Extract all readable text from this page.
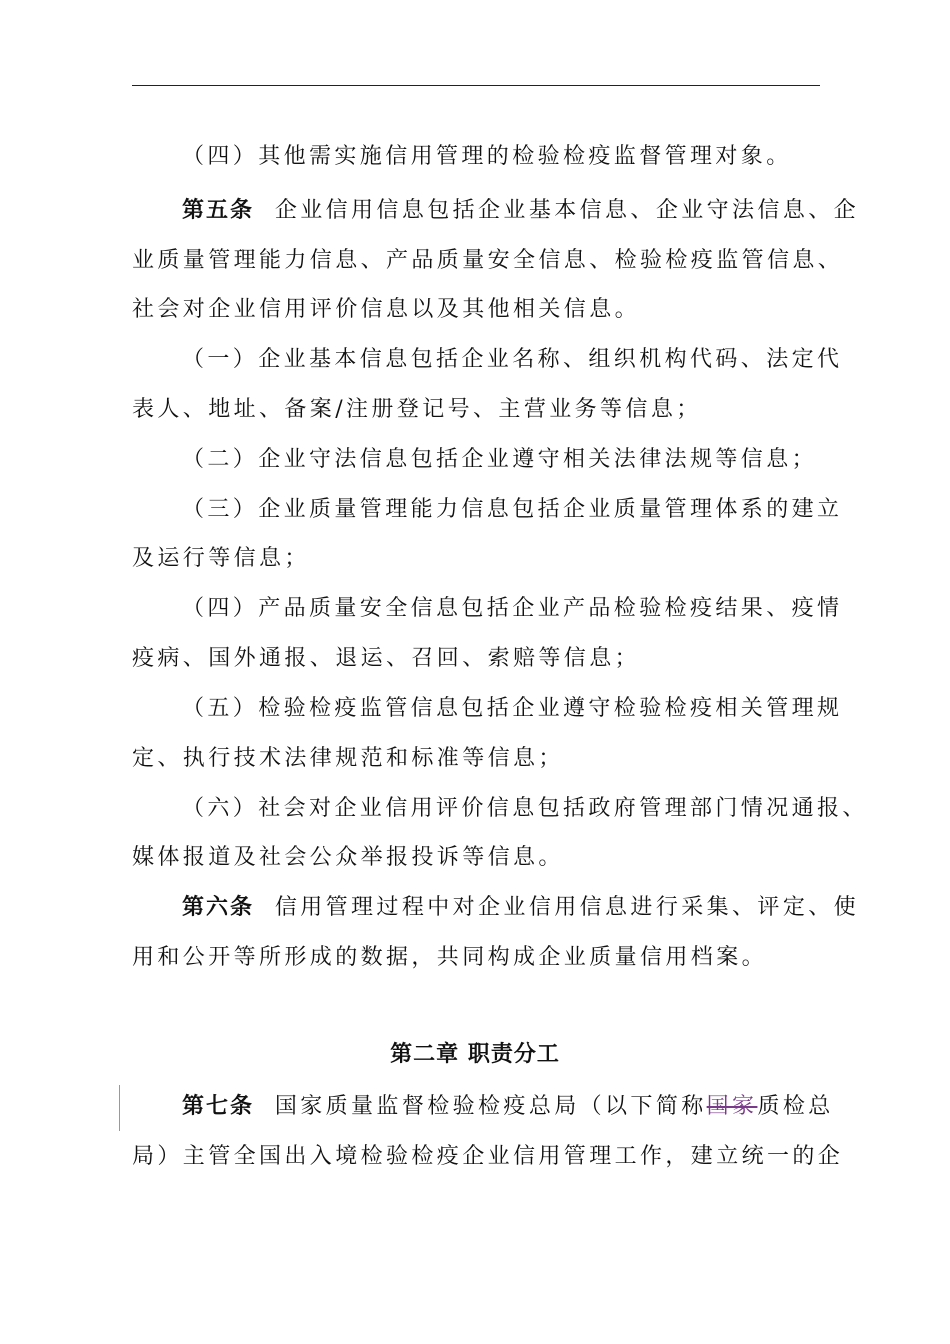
（四）其他需实施信用管理的检验检疫监督管理对象。
第五条 企业信用信息包括企业基本信息、企业守法信息、企
业质量管理能力信息、产品质量安全信息、检验检疫监管信息、
社会对企业信用评价信息以及其他相关信息。
（一）企业基本信息包括企业名称、组织机构代码、法定代
表人、地址、备案/注册登记号、主营业务等信息；
（二）企业守法信息包括企业遵守相关法律法规等信息；
（三）企业质量管理能力信息包括企业质量管理体系的建立
及运行等信息；
（四）产品质量安全信息包括企业产品检验检疫结果、疫情
疫病、国外通报、退运、召回、索赔等信息；
（五）检验检疫监管信息包括企业遵守检验检疫相关管理规
定、执行技术法律规范和标准等信息；
（六）社会对企业信用评价信息包括政府管理部门情况通报、
媒体报道及社会公众举报投诉等信息。
第六条 信用管理过程中对企业信用信息进行采集、评定、使
用和公开等所形成的数据，共同构成企业质量信用档案。
第二章 职责分工
第七条 国家质量监督检验检疫总局（以下简称国家质检总
局）主管全国出入境检验检疫企业信用管理工作，建立统一的企
